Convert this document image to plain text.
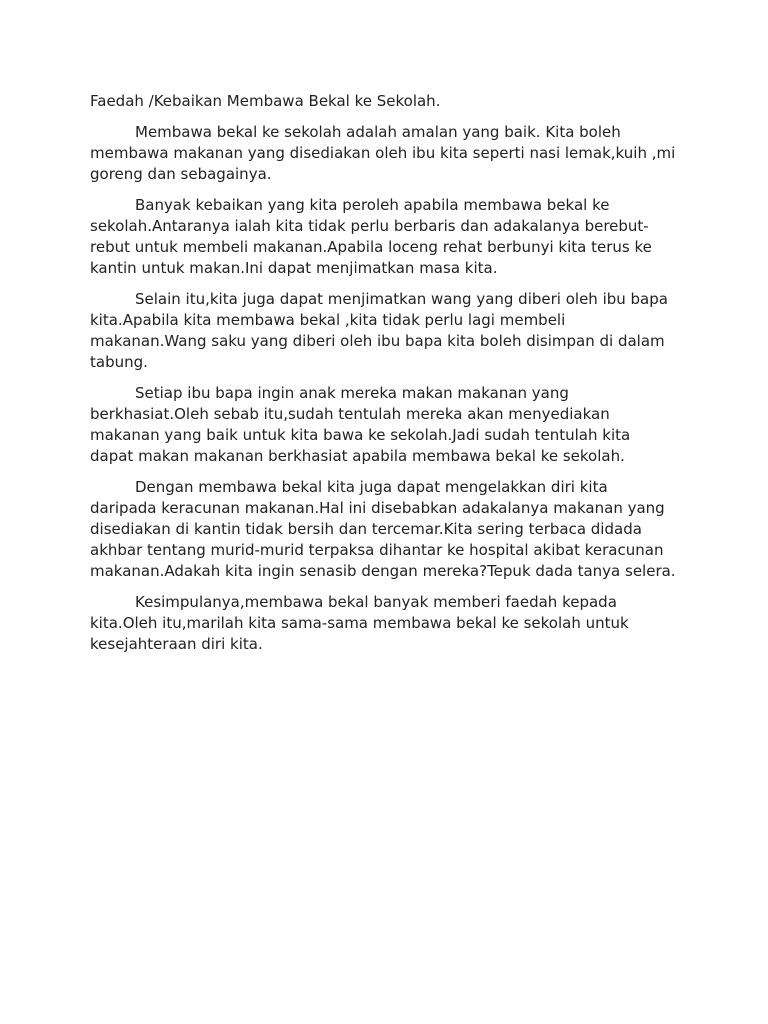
Faedah /Kebaikan Membawa Bekal ke Sekolah.

Membawa bekal ke sekolah adalah amalan yang baik. Kita boleh membawa makanan yang disediakan oleh ibu kita seperti nasi lemak,kuih ,mi goreng dan sebagainya.

Banyak kebaikan yang kita peroleh apabila membawa bekal ke sekolah.Antaranya ialah kita tidak perlu berbaris dan adakalanya berebut-rebut untuk membeli makanan.Apabila loceng rehat berbunyi kita terus ke kantin untuk makan.Ini dapat menjimatkan masa kita.

Selain itu,kita juga dapat menjimatkan wang yang diberi oleh ibu bapa kita.Apabila kita membawa bekal ,kita tidak perlu lagi membeli makanan.Wang saku yang diberi oleh ibu bapa kita boleh disimpan di dalam tabung.

Setiap ibu bapa ingin anak mereka makan makanan yang berkhasiat.Oleh sebab itu,sudah tentulah mereka akan menyediakan makanan yang baik untuk kita bawa ke sekolah.Jadi sudah tentulah kita dapat makan makanan berkhasiat apabila membawa bekal ke sekolah.

Dengan membawa bekal kita juga dapat mengelakkan diri kita daripada keracunan makanan.Hal ini disebabkan adakalanya makanan yang disediakan di kantin tidak bersih dan tercemar.Kita sering terbaca didada akhbar tentang murid-murid terpaksa dihantar ke hospital akibat keracunan makanan.Adakah kita ingin senasib dengan mereka?Tepuk dada tanya selera.

Kesimpulanya,membawa bekal banyak memberi faedah kepada kita.Oleh itu,marilah kita sama-sama membawa bekal ke sekolah untuk kesejahteraan diri kita.
